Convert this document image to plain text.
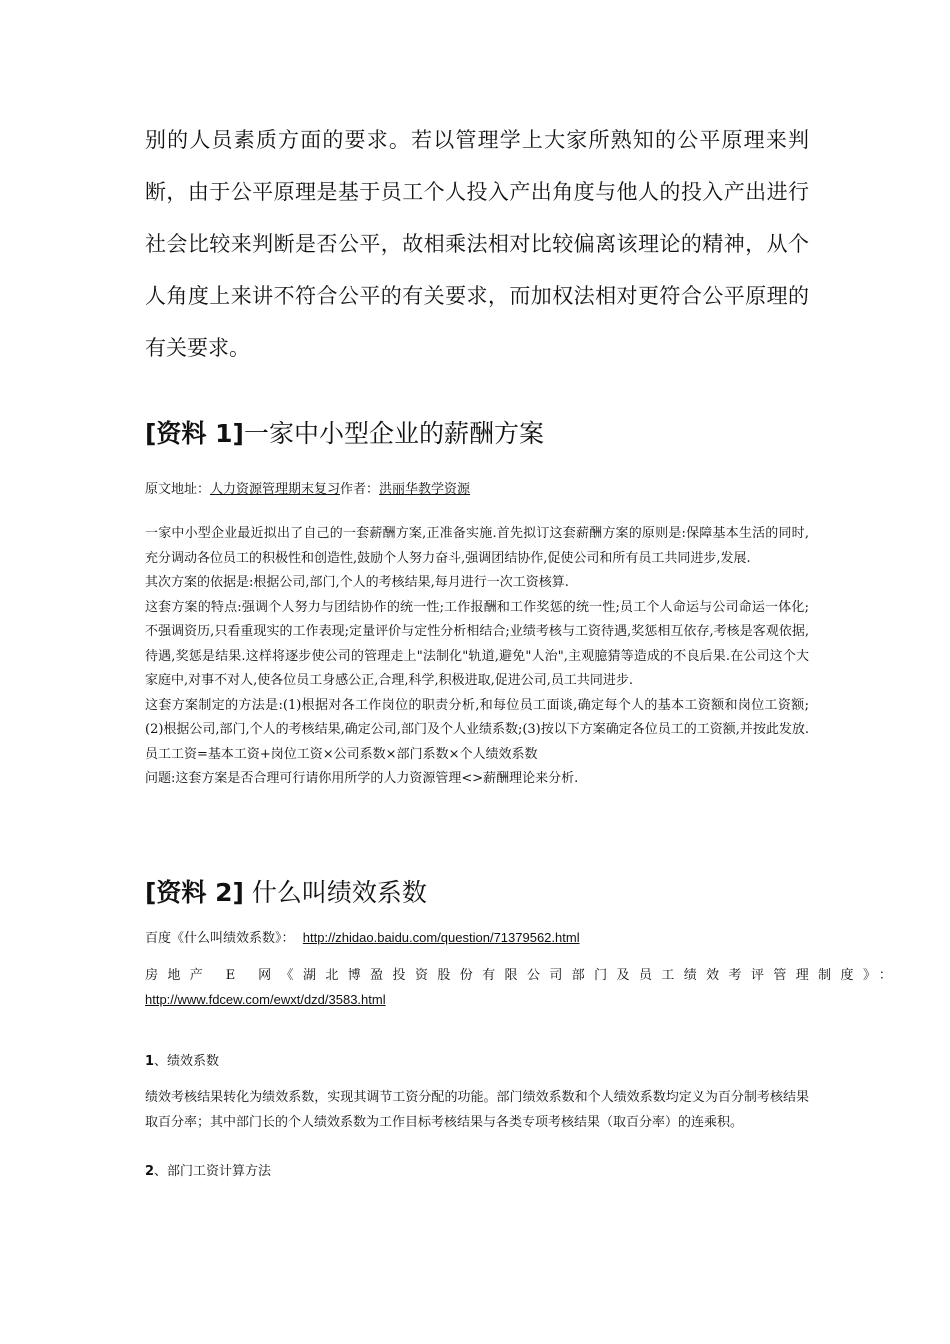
别的人员素质方面的要求。若以管理学上大家所熟知的公平原理来判断，由于公平原理是基于员工个人投入产出角度与他人的投入产出进行社会比较来判断是否公平，故相乘法相对比较偏离该理论的精神，从个人角度上来讲不符合公平的有关要求，而加权法相对更符合公平原理的有关要求。

[资料 1]一家中小型企业的薪酬方案
原文地址：人力资源管理期末复习作者：洪丽华教学资源

一家中小型企业最近拟出了自己的一套薪酬方案,正准备实施.首先拟订这套薪酬方案的原则是:保障基本生活的同时,充分调动各位员工的积极性和创造性,鼓励个人努力奋斗,强调团结协作,促使公司和所有员工共同进步,发展.

其次方案的依据是:根据公司,部门,个人的考核结果,每月进行一次工资核算.

这套方案的特点:强调个人努力与团结协作的统一性;工作报酬和工作奖惩的统一性;员工个人命运与公司命运一体化;不强调资历,只看重现实的工作表现;定量评价与定性分析相结合;业绩考核与工资待遇,奖惩相互依存,考核是客观依据,待遇,奖惩是结果.这样将逐步使公司的管理走上"法制化"轨道,避免"人治",主观臆猜等造成的不良后果.在公司这个大家庭中,对事不对人,使各位员工身感公正,合理,科学,积极进取,促进公司,员工共同进步.

这套方案制定的方法是:(1)根据对各工作岗位的职责分析,和每位员工面谈,确定每个人的基本工资额和岗位工资额;(2)根据公司,部门,个人的考核结果,确定公司,部门及个人业绩系数;(3)按以下方案确定各位员工的工资额,并按此发放.

员工工资=基本工资+岗位工资×公司系数×部门系数×个人绩效系数

问题:这套方案是否合理可行请你用所学的人力资源管理<>薪酬理论来分析.

[资料 2] 什么叫绩效系数
百度《什么叫绩效系数》： http://zhidao.baidu.com/question/71379562.html
房地产 E 网《湖北博盈投资股份有限公司部门及员工绩效考评管理制度》：
http://www.fdcew.com/ewxt/dzd/3583.html
1、绩效系数

绩效考核结果转化为绩效系数，实现其调节工资分配的功能。部门绩效系数和个人绩效系数均定义为百分制考核结果取百分率；其中部门长的个人绩效系数为工作目标考核结果与各类专项考核结果（取百分率）的连乘积。

2、部门工资计算方法
